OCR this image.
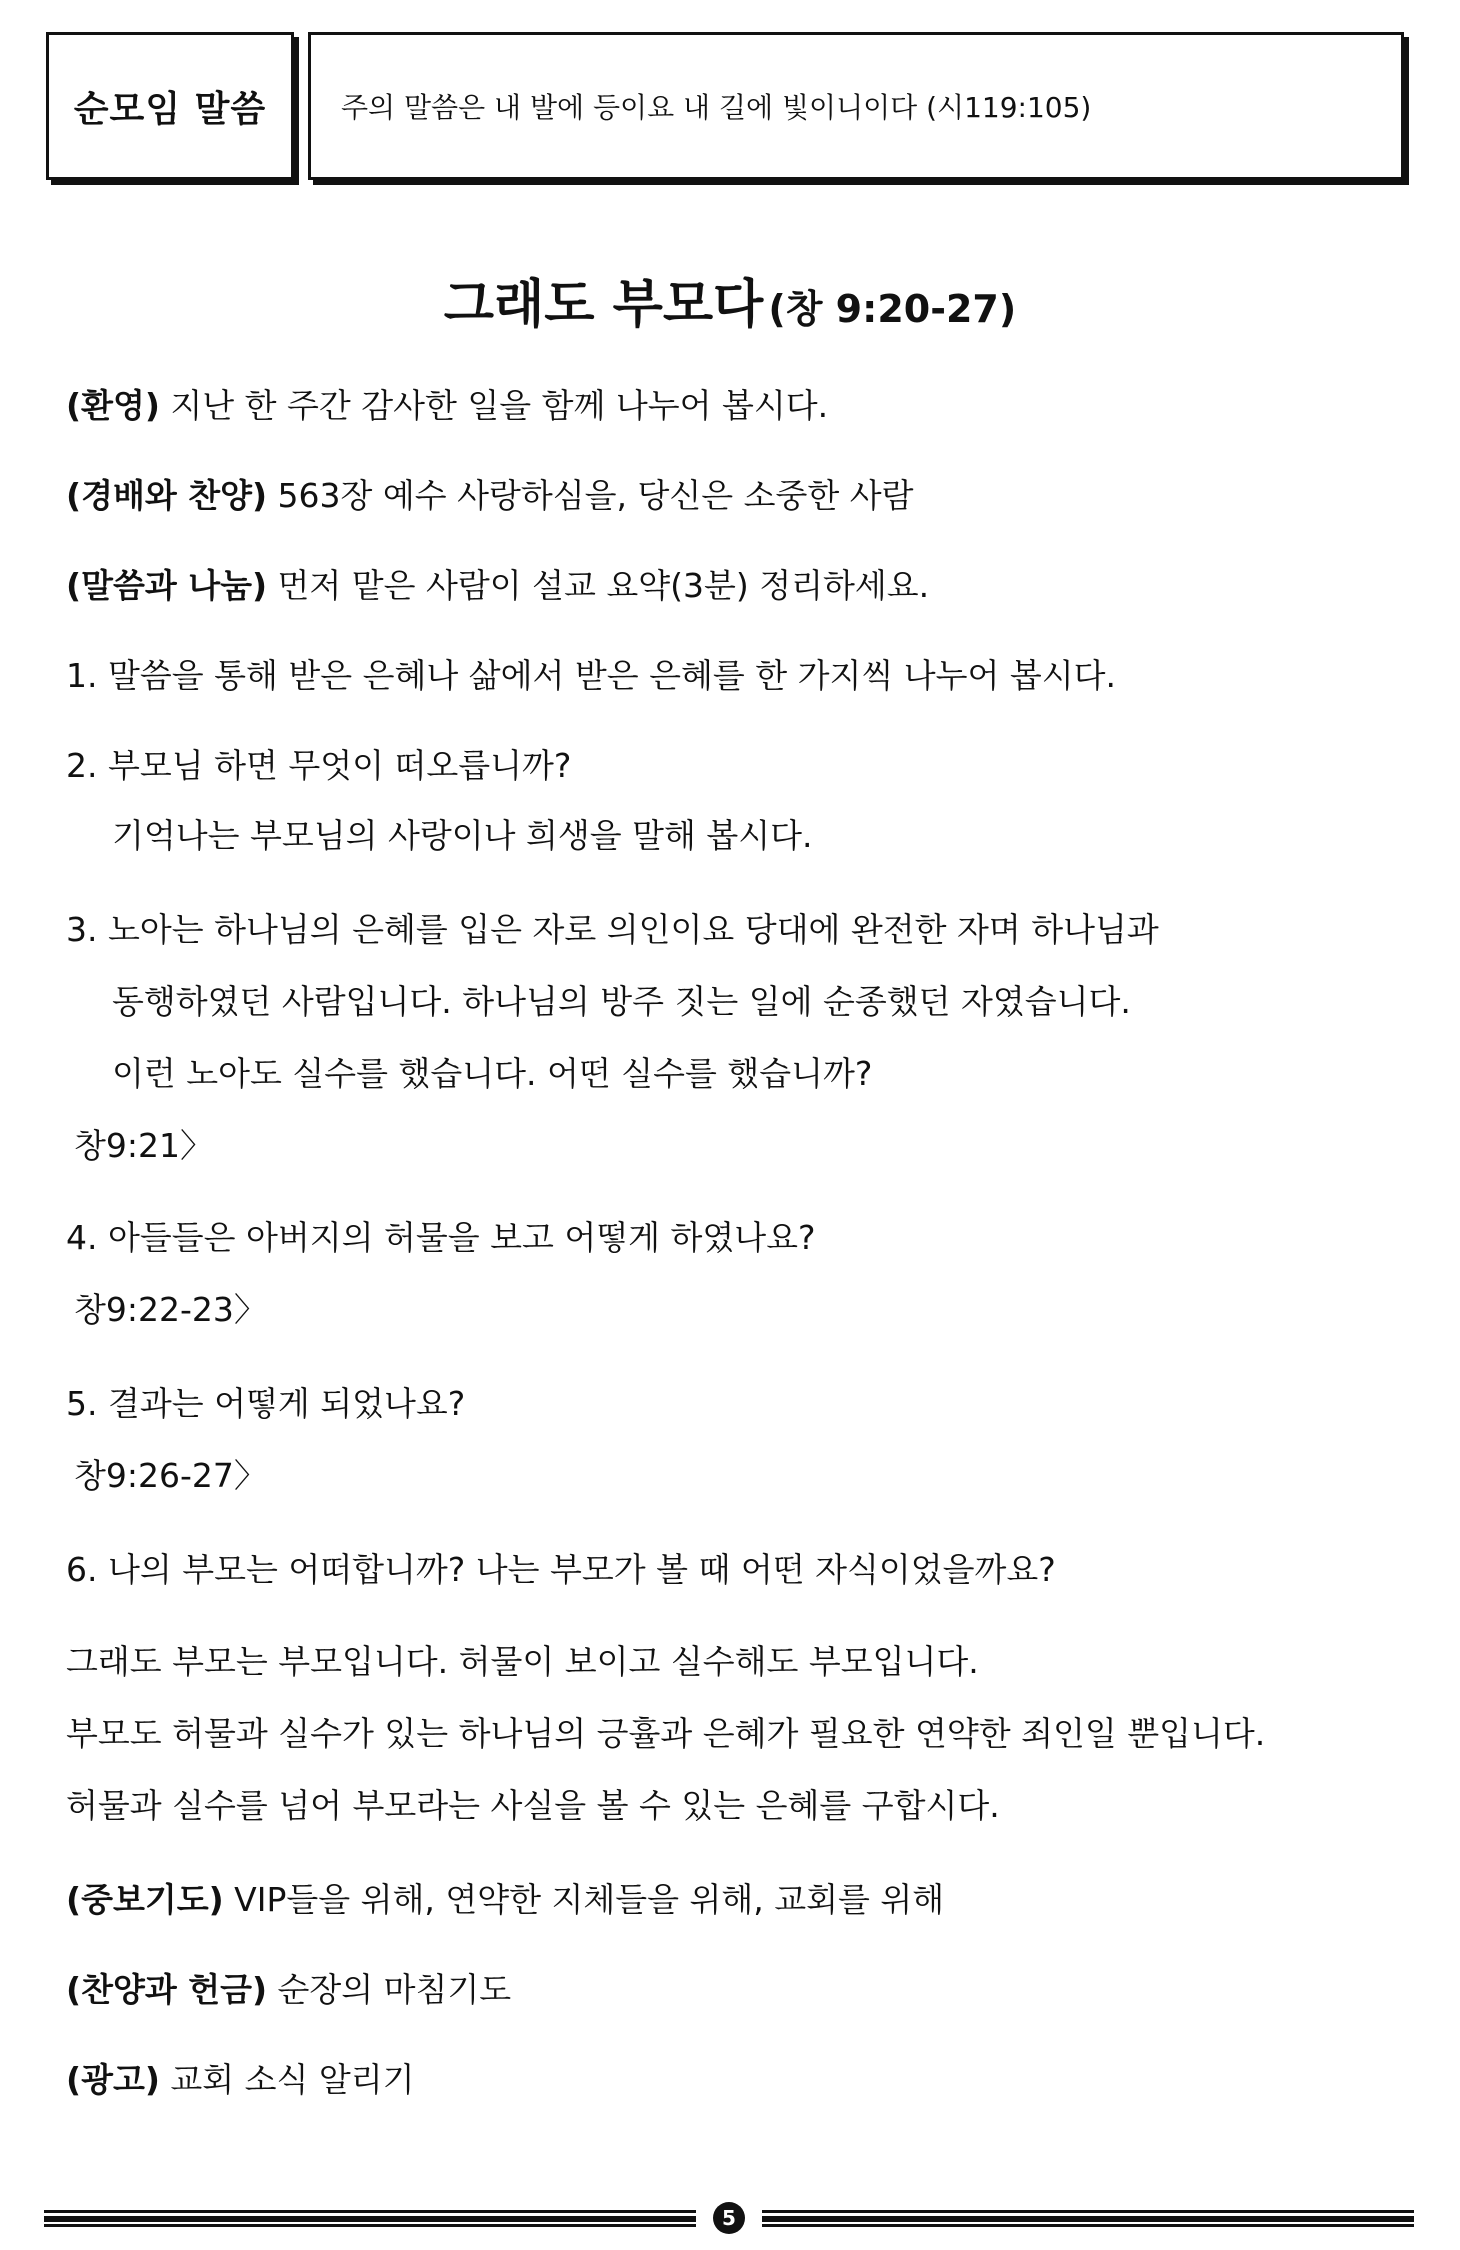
순모임 말씀	주의 말씀은 내 발에 등이요 내 길에 빛이니이다 (시119:105)
그래도 부모다 (창 9:20-27)
(환영) 지난 한 주간 감사한 일을 함께 나누어 봅시다.
(경배와 찬양) 563장 예수 사랑하심을, 당신은 소중한 사람
(말씀과 나눔) 먼저 맡은 사람이 설교 요약(3분) 정리하세요.
1. 말씀을 통해 받은 은혜나 삶에서 받은 은혜를 한 가지씩 나누어 봅시다.
2. 부모님 하면 무엇이 떠오릅니까?
기억나는 부모님의 사랑이나 희생을 말해 봅시다.
3. 노아는 하나님의 은혜를 입은 자로 의인이요 당대에 완전한 자며 하나님과
동행하였던 사람입니다. 하나님의 방주 짓는 일에 순종했던 자였습니다.
이런 노아도 실수를 했습니다. 어떤 실수를 했습니까?
창9:21〉
4. 아들들은 아버지의 허물을 보고 어떻게 하였나요?
창9:22-23〉
5. 결과는 어떻게 되었나요?
창9:26-27〉
6. 나의 부모는 어떠합니까? 나는 부모가 볼 때 어떤 자식이었을까요?
그래도 부모는 부모입니다. 허물이 보이고 실수해도 부모입니다.
부모도 허물과 실수가 있는 하나님의 긍휼과 은혜가 필요한 연약한 죄인일 뿐입니다.
허물과 실수를 넘어 부모라는 사실을 볼 수 있는 은혜를 구합시다.
(중보기도) VIP들을 위해, 연약한 지체들을 위해, 교회를 위해
(찬양과 헌금) 순장의 마침기도
(광고) 교회 소식 알리기
5
